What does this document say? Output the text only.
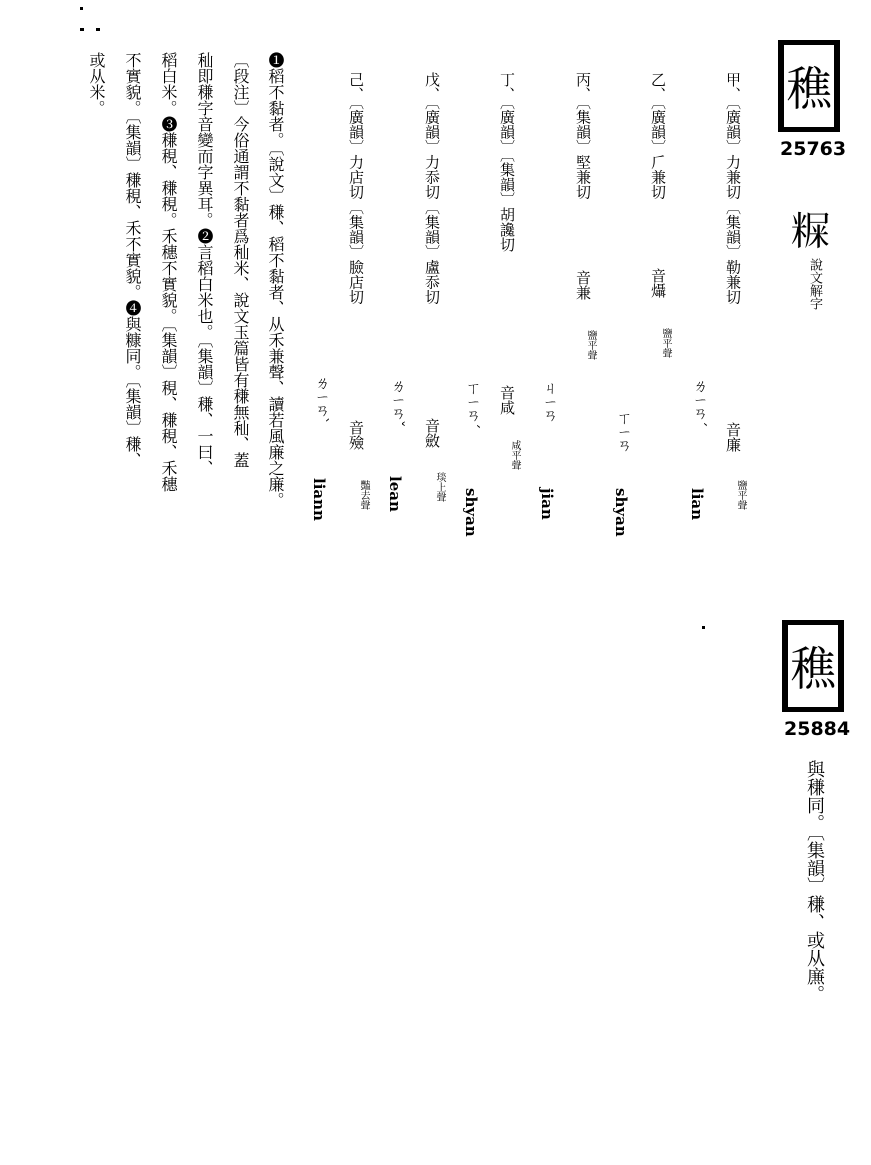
穛
25763
𥻐
說文解字
甲、〔廣韻〕力兼切〔集韻〕勒兼切
音廉
鹽平聲
ㄌㄧㄢˊ
lian
乙、〔廣韻〕𠂆兼切
音㸎
鹽平聲
ㄒㄧㄢ
shyan
丙、〔集韻〕堅兼切
音兼
鹽平聲
ㄐㄧㄢ
jian
丁、〔廣韻〕〔集韻〕胡讒切
音咸
咸平聲
ㄒㄧㄢˊ
shyan
戊、〔廣韻〕力忝切〔集韻〕盧忝切
音斂
琰上聲
ㄌㄧㄢˇ
lean
己、〔廣韻〕力店切〔集韻〕臉店切
音殮
豔去聲
ㄌㄧㄢˋ
liann
❶稻不黏者。〔說文〕稴、稻不黏者、从禾兼聲、讀若風廉之廉。
〔段注〕今俗通謂不黏者爲秈米、說文玉篇皆有稴無秈、蓋
秈即稴字音變而字異耳。❷言稻白米也。〔集韻〕稴、一曰、
稻白米。❸稴䅐、稴䅐。禾穗不實貌。〔集韻〕䅐、稴䅐、禾穗
不實貌。〔集韻〕稴䅐、禾不實貌。❹與糠同。〔集韻〕稴、
或从米。
穛
25884
與稴同。〔集韻〕稴、或从㢘。
